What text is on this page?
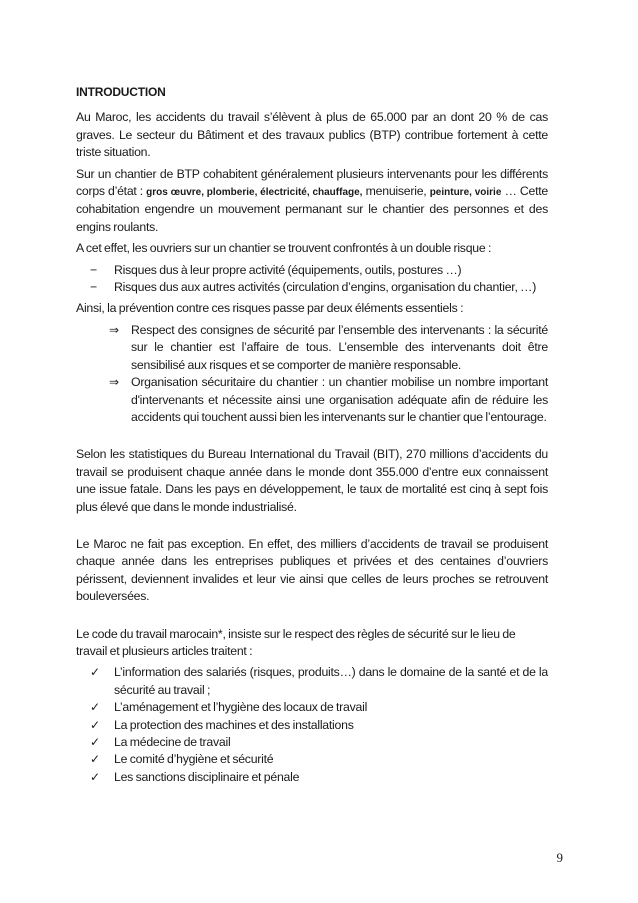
INTRODUCTION

Au Maroc, les accidents du travail s’élèvent à plus de 65.000 par an dont 20 % de cas graves. Le secteur du Bâtiment et des travaux publics (BTP) contribue fortement à cette triste situation.

Sur un chantier de BTP cohabitent généralement plusieurs intervenants pour les différents corps d’état : gros œuvre, plomberie, électricité, chauffage, menuiserie, peinture, voirie … Cette cohabitation engendre un mouvement permanant sur le chantier des personnes et des engins roulants.

A cet effet, les ouvriers sur un chantier se trouvent confrontés à un double risque :

− Risques dus à leur propre activité (équipements, outils, postures …)
− Risques dus aux autres activités (circulation d’engins, organisation du chantier, …)

Ainsi, la prévention contre ces risques passe par deux éléments essentiels :

⇒ Respect des consignes de sécurité par l’ensemble des intervenants : la sécurité sur le chantier est l’affaire de tous. L’ensemble des intervenants doit être sensibilisé aux risques et se comporter de manière responsable.
⇒ Organisation sécuritaire du chantier : un chantier mobilise un nombre important d'intervenants et nécessite ainsi une organisation adéquate afin de réduire les accidents qui touchent aussi bien les intervenants sur le chantier que l’entourage.

Selon les statistiques du Bureau International du Travail (BIT), 270 millions d’accidents du travail se produisent chaque année dans le monde dont 355.000 d’entre eux connaissent une issue fatale. Dans les pays en développement, le taux de mortalité est cinq à sept fois plus élevé que dans le monde industrialisé.

Le Maroc ne fait pas exception. En effet, des milliers d’accidents de travail se produisent chaque année dans les entreprises publiques et privées et des centaines d’ouvriers périssent, deviennent invalides et leur vie ainsi que celles de leurs proches se retrouvent bouleversées.

Le code du travail marocain*, insiste sur le respect des règles de sécurité sur le lieu de travail et plusieurs articles traitent :

✓ L’information des salariés (risques, produits…) dans le domaine de la santé et de la sécurité au travail ;
✓ L’aménagement et l’hygiène des locaux de travail
✓ La protection des machines et des installations
✓ La médecine de travail
✓ Le comité d’hygiène et sécurité
✓ Les sanctions disciplinaire et pénale
9
